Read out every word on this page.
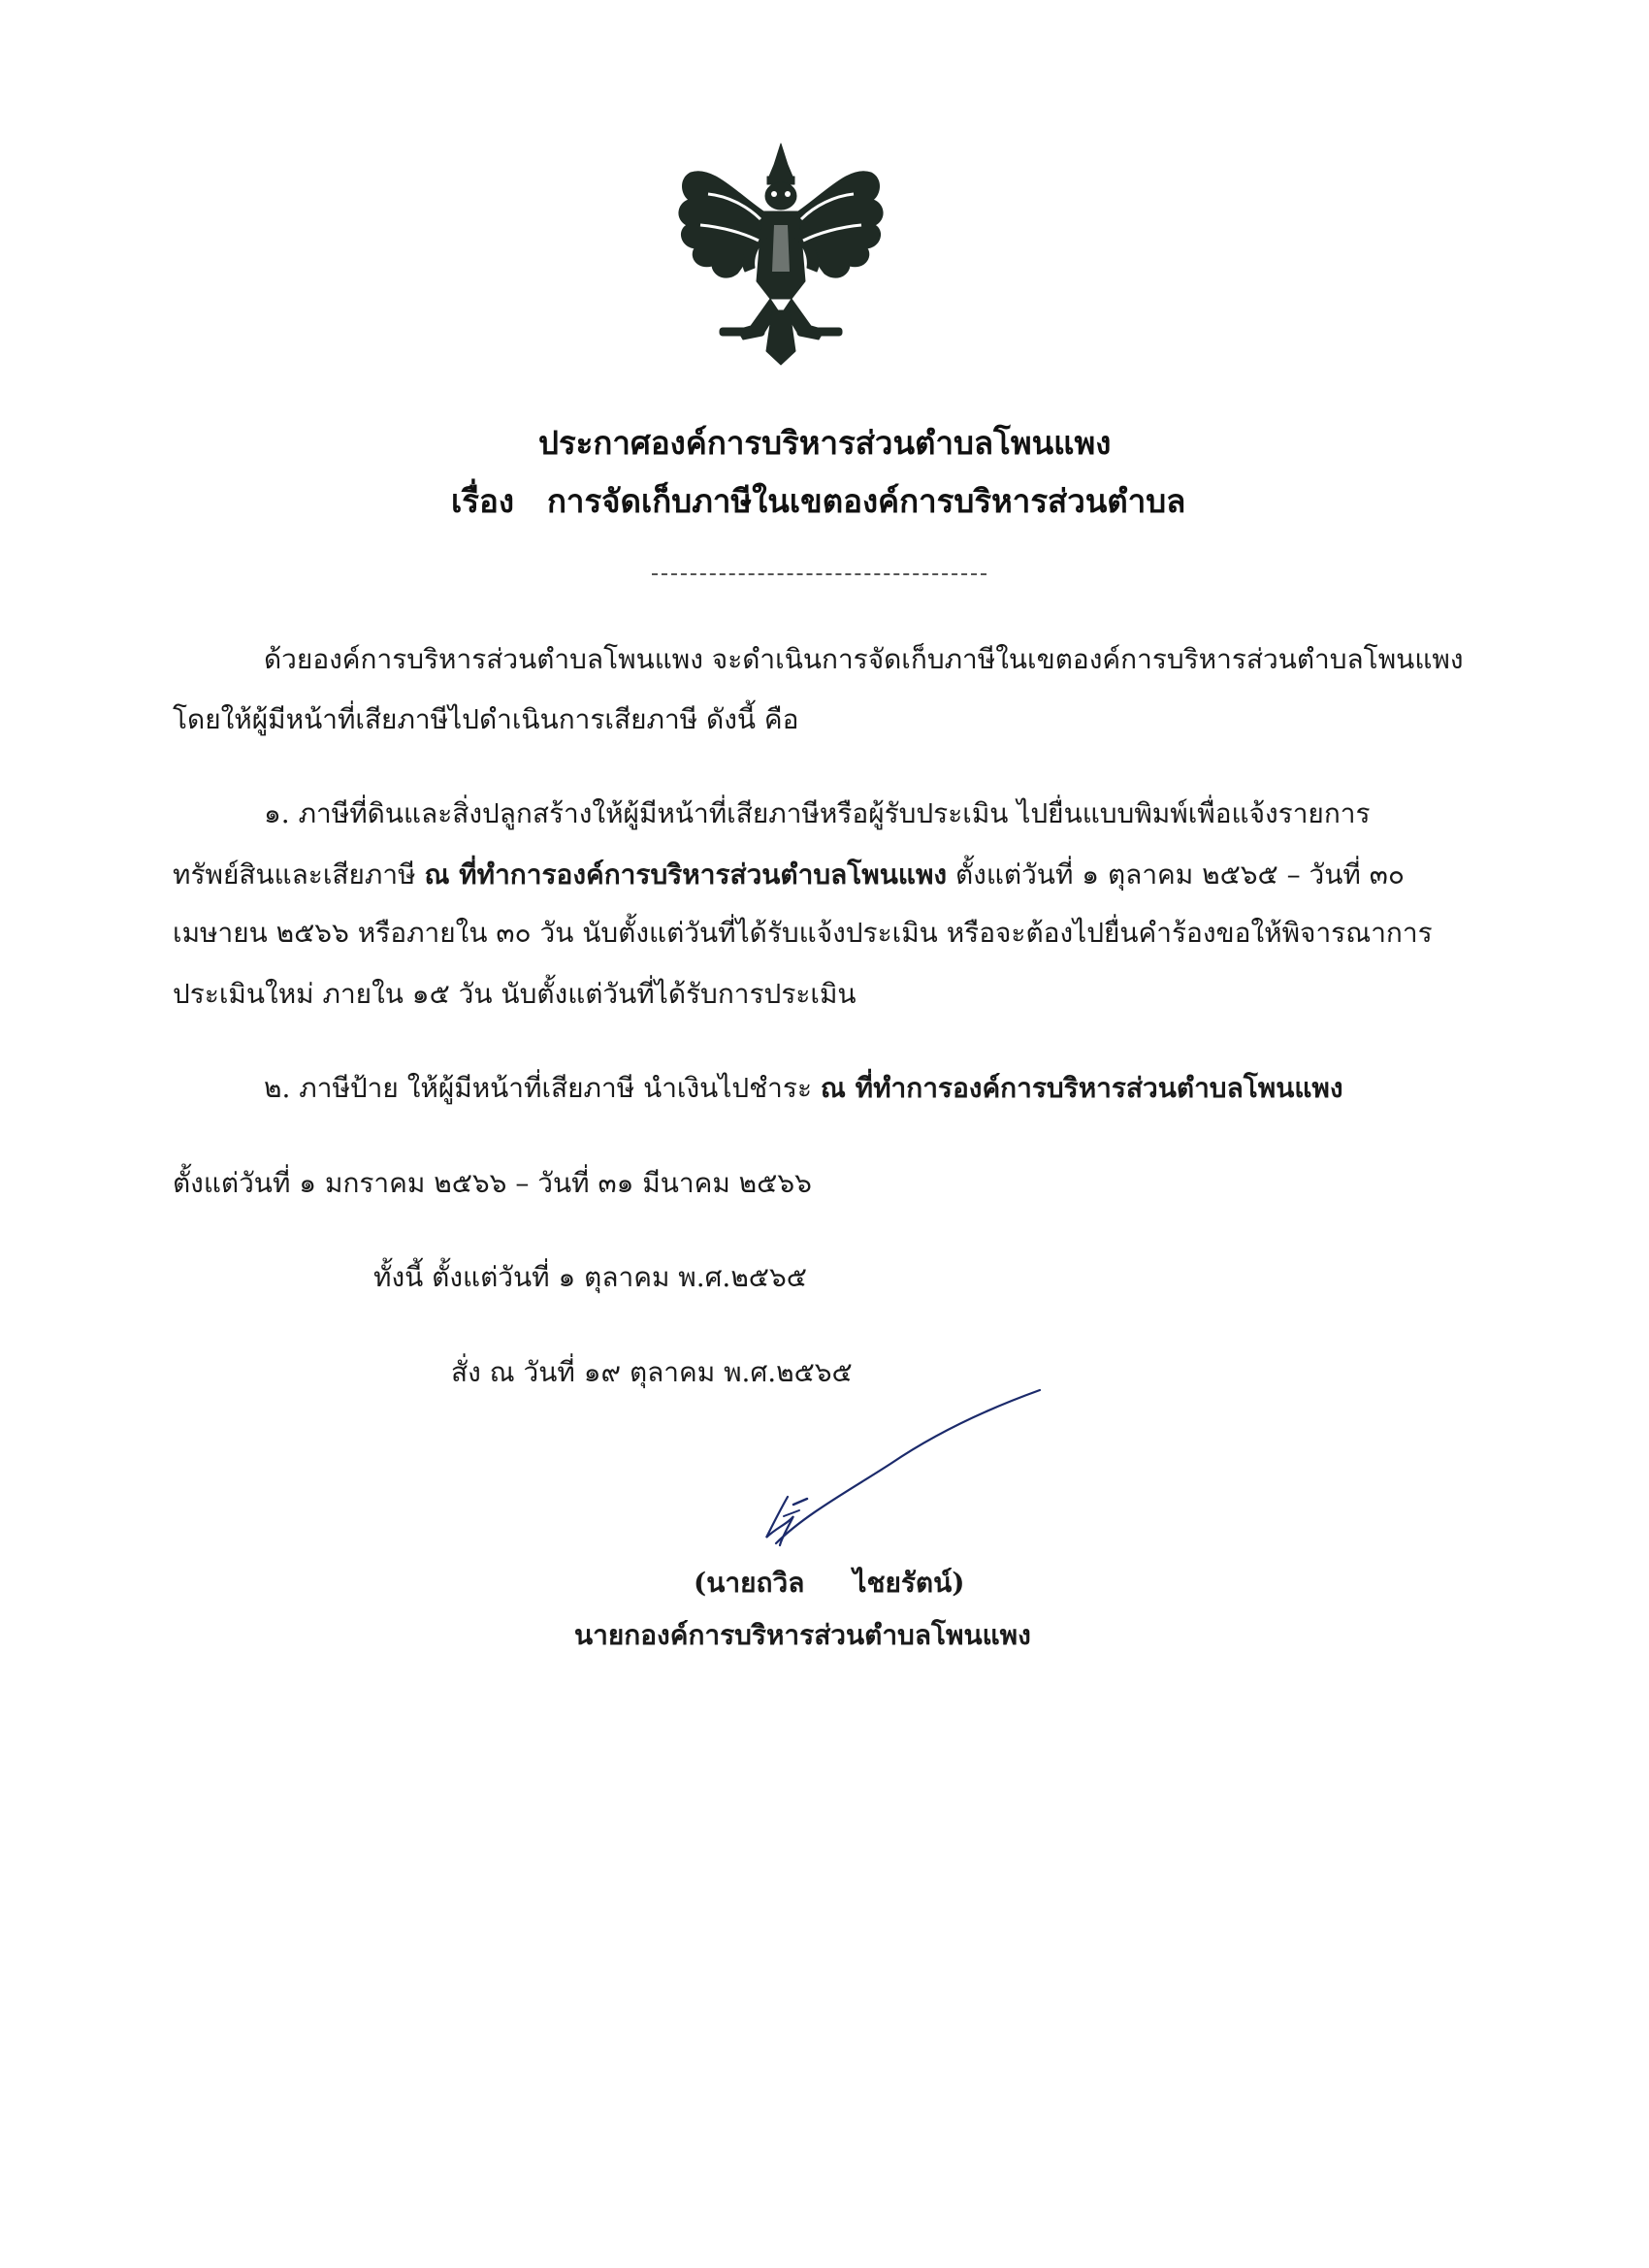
ประกาศองค์การบริหารส่วนตำบลโพนแพง
เรื่อง การจัดเก็บภาษีในเขตองค์การบริหารส่วนตำบล
ด้วยองค์การบริหารส่วนตำบลโพนแพง จะดำเนินการจัดเก็บภาษีในเขตองค์การบริหารส่วนตำบลโพนแพง
โดยให้ผู้มีหน้าที่เสียภาษีไปดำเนินการเสียภาษี ดังนี้ คือ
๑. ภาษีที่ดินและสิ่งปลูกสร้างให้ผู้มีหน้าที่เสียภาษีหรือผู้รับประเมิน ไปยื่นแบบพิมพ์เพื่อแจ้งรายการ
ทรัพย์สินและเสียภาษี ณ ที่ทำการองค์การบริหารส่วนตำบลโพนแพง ตั้งแต่วันที่ ๑ ตุลาคม ๒๕๖๕ – วันที่ ๓๐
เมษายน ๒๕๖๖ หรือภายใน ๓๐ วัน นับตั้งแต่วันที่ได้รับแจ้งประเมิน หรือจะต้องไปยื่นคำร้องขอให้พิจารณาการ
ประเมินใหม่ ภายใน ๑๕ วัน นับตั้งแต่วันที่ได้รับการประเมิน
๒. ภาษีป้าย ให้ผู้มีหน้าที่เสียภาษี นำเงินไปชำระ ณ ที่ทำการองค์การบริหารส่วนตำบลโพนแพง
ตั้งแต่วันที่ ๑ มกราคม ๒๕๖๖ – วันที่ ๓๑ มีนาคม ๒๕๖๖
ทั้งนี้ ตั้งแต่วันที่ ๑ ตุลาคม พ.ศ.๒๕๖๕
สั่ง ณ วันที่ ๑๙ ตุลาคม พ.ศ.๒๕๖๕
(นายถวิล ไชยรัตน์)
นายกองค์การบริหารส่วนตำบลโพนแพง
